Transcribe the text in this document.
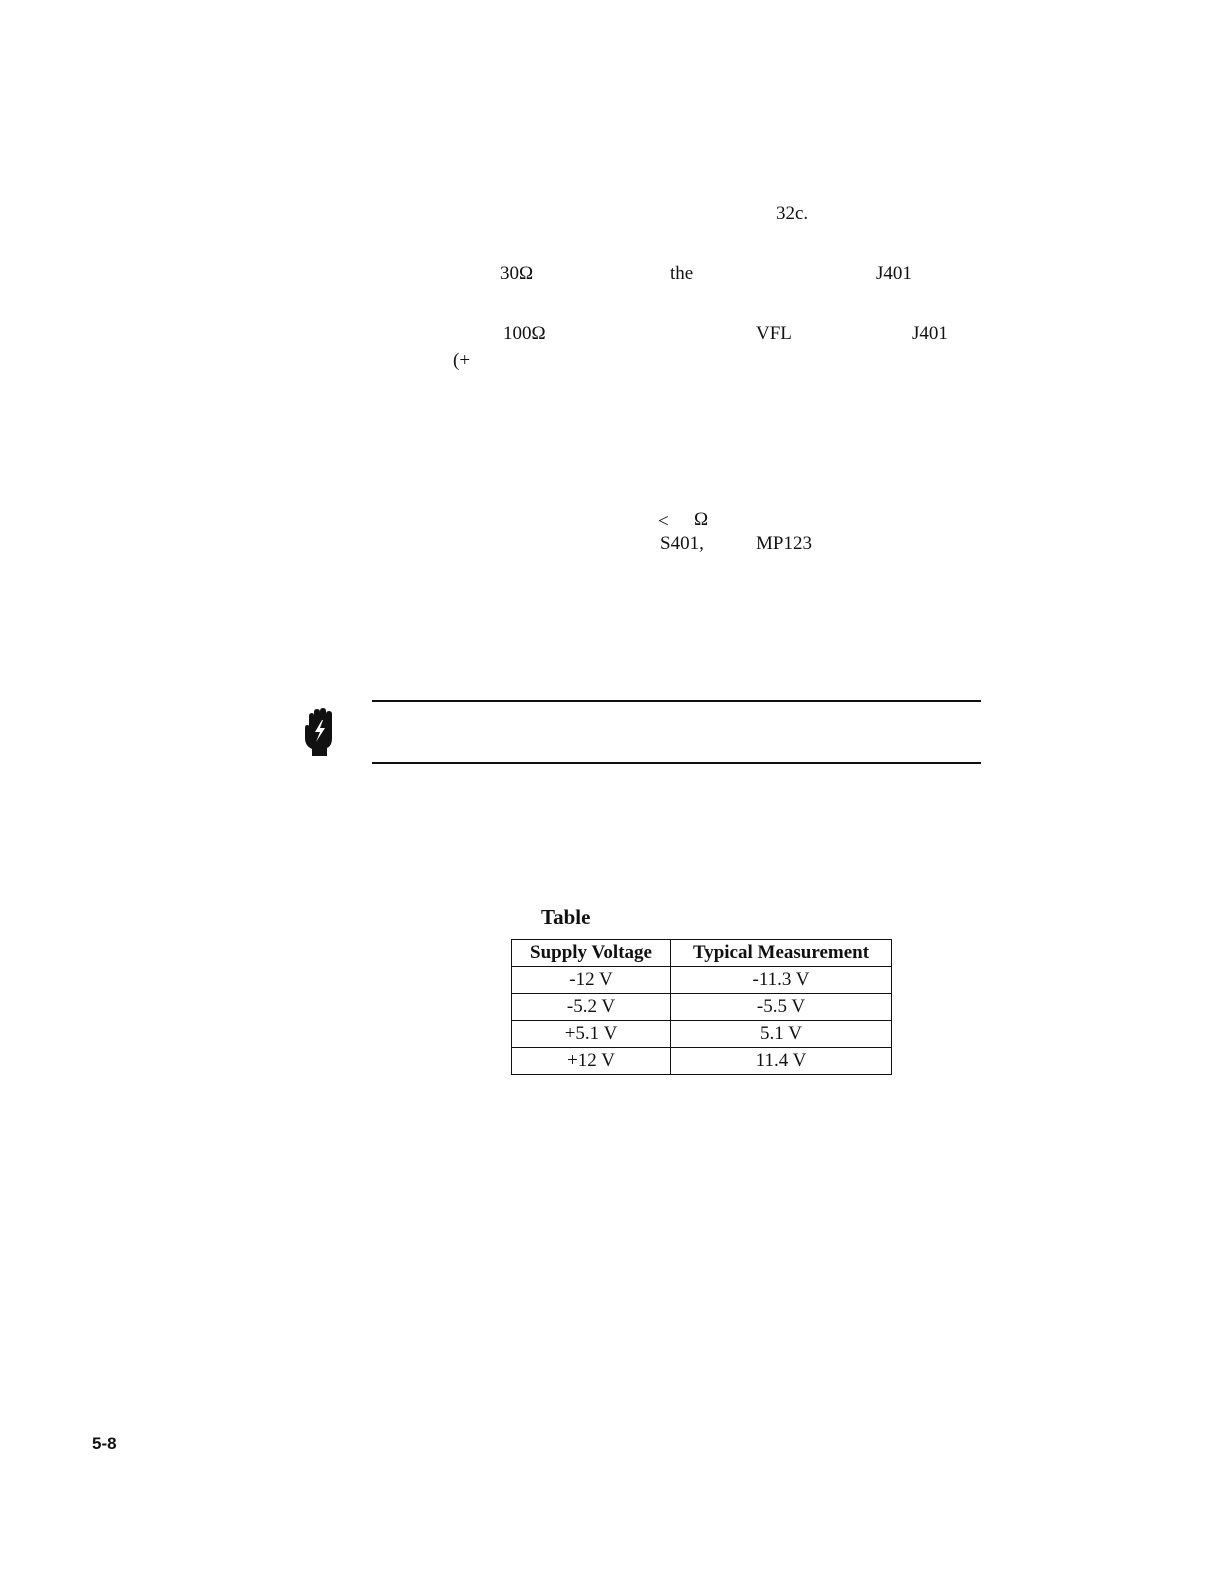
32c.
30Ω	the	J401
100Ω	VFL	J401
(+
< Ω
S401,	MP123
Table
Supply Voltage	Typical Measurement
-12 V	-11.3 V
-5.2 V	-5.5 V
+5.1 V	5.1 V
+12 V	11.4 V
5-8
